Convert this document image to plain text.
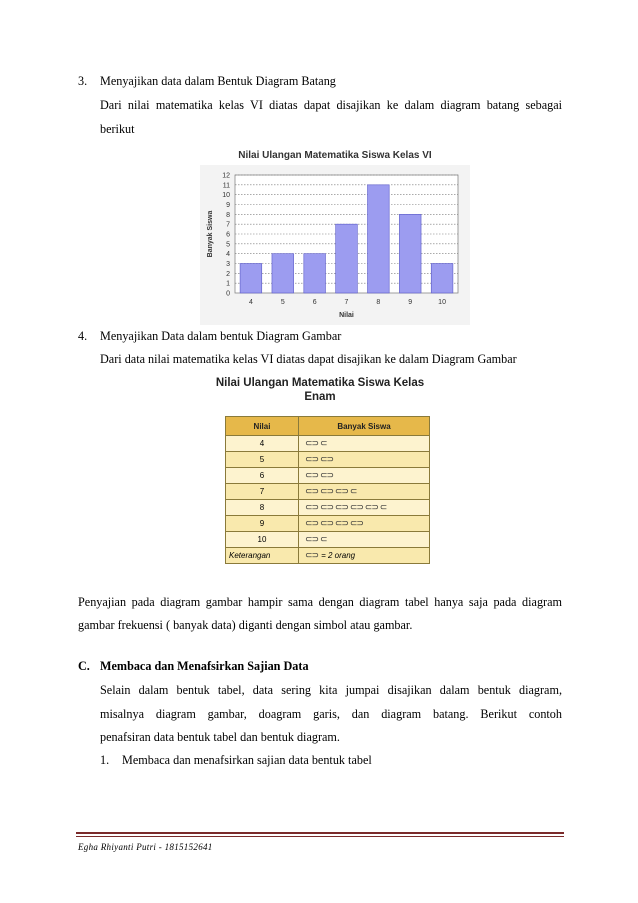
3. Menyajikan data dalam Bentuk Diagram Batang
Dari nilai matematika kelas VI diatas dapat disajikan ke dalam diagram batang sebagai
berikut
Nilai Ulangan Matematika Siswa Kelas VI
0
1
2
3
4
5
6
7
8
9
10
11
12
4	5	6	7	8	9	10
Nilai
Banyak Siswa
4. Menyajikan Data dalam bentuk Diagram Gambar
Dari data nilai matematika kelas VI diatas dapat disajikan ke dalam Diagram Gambar
Nilai Ulangan Matematika Siswa Kelas
Enam
Nilai	Banyak Siswa
4	⊂⊃ ⊂
5	⊂⊃ ⊂⊃
6	⊂⊃ ⊂⊃
7	⊂⊃ ⊂⊃ ⊂⊃ ⊂
8	⊂⊃ ⊂⊃ ⊂⊃ ⊂⊃ ⊂⊃ ⊂
9	⊂⊃ ⊂⊃ ⊂⊃ ⊂⊃
10	⊂⊃ ⊂
Keterangan	⊂⊃ = 2 orang
Penyajian pada diagram gambar hampir sama dengan diagram tabel hanya saja pada diagram
gambar frekuensi ( banyak data) diganti dengan simbol atau gambar.
C. Membaca dan Menafsirkan Sajian Data
Selain dalam bentuk tabel, data sering kita jumpai disajikan dalam bentuk diagram,
misalnya diagram gambar, doagram garis, dan diagram batang. Berikut contoh
penafsiran data bentuk tabel dan bentuk diagram.
1. Membaca dan menafsirkan sajian data bentuk tabel
Egha Rhiyanti Putri - 1815152641
